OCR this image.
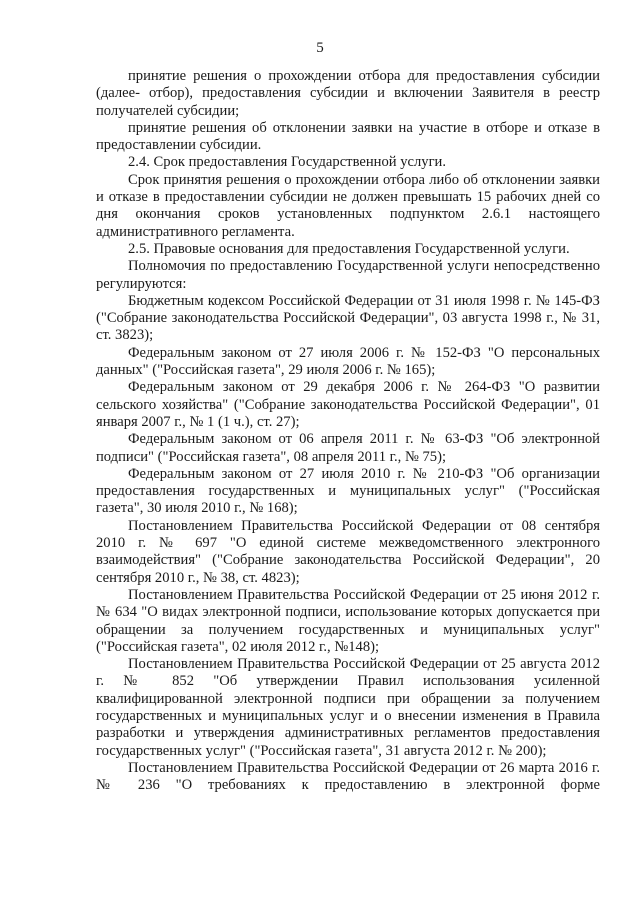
5

принятие решения о прохождении отбора для предоставления субсидии (далее- отбор), предоставления субсидии и включении Заявителя в реестр получателей субсидии;

принятие решения об отклонении заявки на участие в отборе и отказе в предоставлении субсидии.

2.4. Срок предоставления Государственной услуги.

Срок принятия решения о прохождении отбора либо об отклонении заявки и отказе в предоставлении субсидии не должен превышать 15 рабочих дней со дня окончания сроков установленных подпунктом 2.6.1 настоящего административного регламента.

2.5. Правовые основания для предоставления Государственной услуги.

Полномочия по предоставлению Государственной услуги непосредственно регулируются:

Бюджетным кодексом Российской Федерации от 31 июля 1998 г. № 145-ФЗ ("Собрание законодательства Российской Федерации", 03 августа 1998 г., № 31, ст. 3823);

Федеральным законом от 27 июля 2006 г. № 152-ФЗ "О персональных данных" ("Российская газета", 29 июля 2006 г. № 165);

Федеральным законом от 29 декабря 2006 г. № 264-ФЗ "О развитии сельского хозяйства" ("Собрание законодательства Российской Федерации", 01 января 2007 г., № 1 (1 ч.), ст. 27);

Федеральным законом от 06 апреля 2011 г. № 63-ФЗ "Об электронной подписи" ("Российская газета", 08 апреля 2011 г., № 75);

Федеральным законом от 27 июля 2010 г. № 210-ФЗ "Об организации предоставления государственных и муниципальных услуг" ("Российская газета", 30 июля 2010 г., № 168);

Постановлением Правительства Российской Федерации от 08 сентября 2010 г. № 697 "О единой системе межведомственного электронного взаимодействия" ("Собрание законодательства Российской Федерации", 20 сентября 2010 г., № 38, ст. 4823);

Постановлением Правительства Российской Федерации от 25 июня 2012 г. № 634 "О видах электронной подписи, использование которых допускается при обращении за получением государственных и муниципальных услуг" ("Российская газета", 02 июля 2012 г., №148);

Постановлением Правительства Российской Федерации от 25 августа 2012 г. № 852 "Об утверждении Правил использования усиленной квалифицированной электронной подписи при обращении за получением государственных и муниципальных услуг и о внесении изменения в Правила разработки и утверждения административных регламентов предоставления государственных услуг" ("Российская газета", 31 августа 2012 г. № 200);

Постановлением Правительства Российской Федерации от 26 марта 2016 г. № 236 "О требованиях к предоставлению в электронной форме
